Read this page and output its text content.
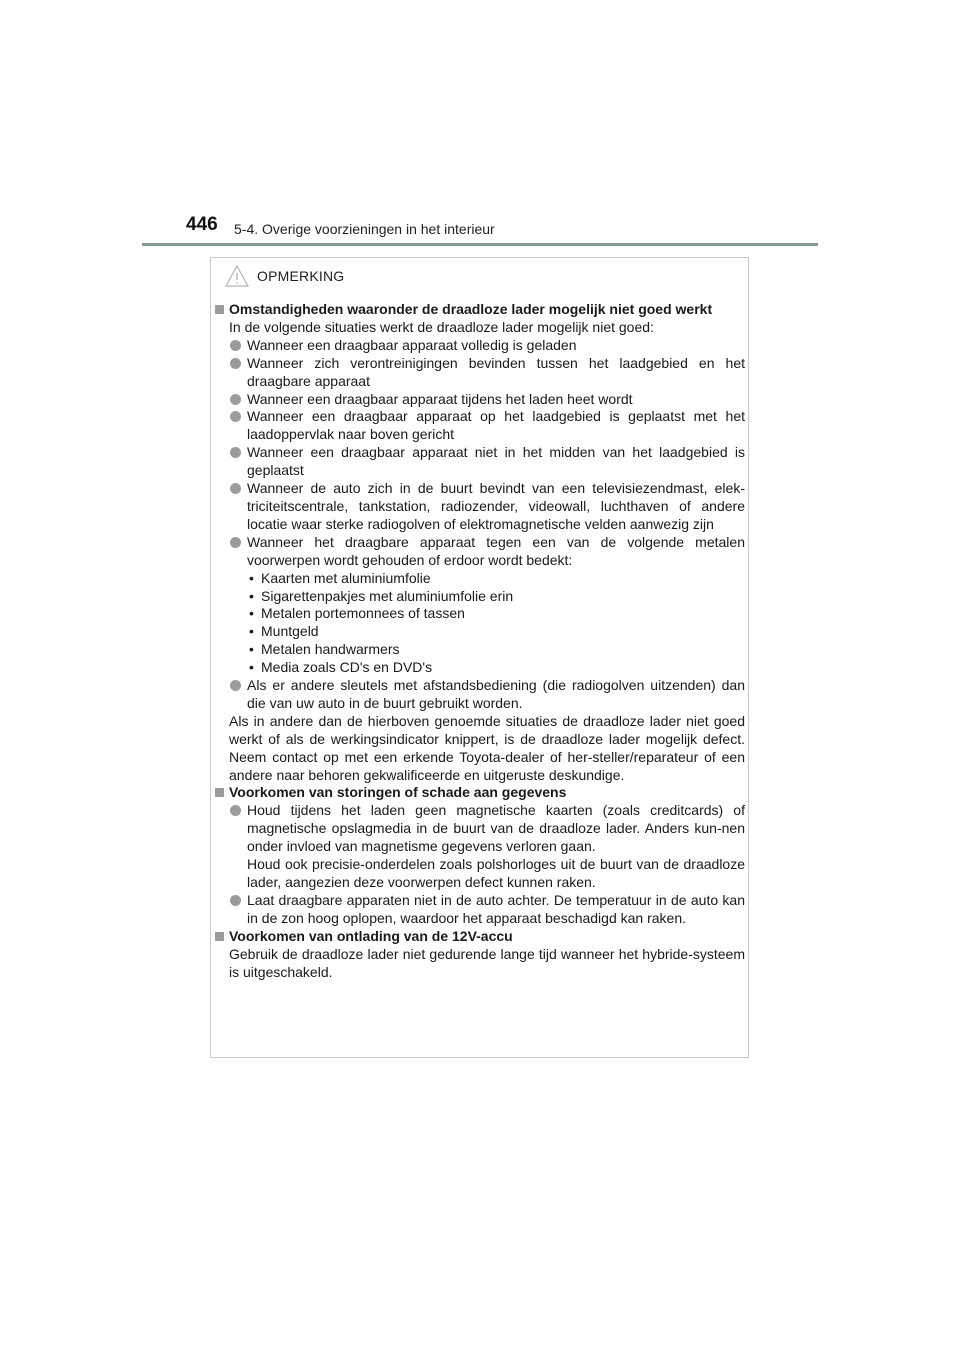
446 5-4. Overige voorzieningen in het interieur
OPMERKING
Omstandigheden waaronder de draadloze lader mogelijk niet goed werkt
In de volgende situaties werkt de draadloze lader mogelijk niet goed:
Wanneer een draagbaar apparaat volledig is geladen
Wanneer zich verontreinigingen bevinden tussen het laadgebied en het draagbare apparaat
Wanneer een draagbaar apparaat tijdens het laden heet wordt
Wanneer een draagbaar apparaat op het laadgebied is geplaatst met het laadoppervlak naar boven gericht
Wanneer een draagbaar apparaat niet in het midden van het laadgebied is geplaatst
Wanneer de auto zich in de buurt bevindt van een televisiezendmast, elek-triciteitscentrale, tankstation, radiozender, videowall, luchthaven of andere locatie waar sterke radiogolven of elektromagnetische velden aanwezig zijn
Wanneer het draagbare apparaat tegen een van de volgende metalen voorwerpen wordt gehouden of erdoor wordt bedekt:
• Kaarten met aluminiumfolie
• Sigarettenpakjes met aluminiumfolie erin
• Metalen portemonnees of tassen
• Muntgeld
• Metalen handwarmers
• Media zoals CD's en DVD's
Als er andere sleutels met afstandsbediening (die radiogolven uitzenden) dan die van uw auto in de buurt gebruikt worden.
Als in andere dan de hierboven genoemde situaties de draadloze lader niet goed werkt of als de werkingsindicator knippert, is de draadloze lader mogelijk defect. Neem contact op met een erkende Toyota-dealer of her-steller/reparateur of een andere naar behoren gekwalificeerde en uitgeruste deskundige.
Voorkomen van storingen of schade aan gegevens
Houd tijdens het laden geen magnetische kaarten (zoals creditcards) of magnetische opslagmedia in de buurt van de draadloze lader. Anders kun-nen onder invloed van magnetisme gegevens verloren gaan.
Houd ook precisie-onderdelen zoals polshorloges uit de buurt van de draadloze lader, aangezien deze voorwerpen defect kunnen raken.
Laat draagbare apparaten niet in de auto achter. De temperatuur in de auto kan in de zon hoog oplopen, waardoor het apparaat beschadigd kan raken.
Voorkomen van ontlading van de 12V-accu
Gebruik de draadloze lader niet gedurende lange tijd wanneer het hybride-systeem is uitgeschakeld.
